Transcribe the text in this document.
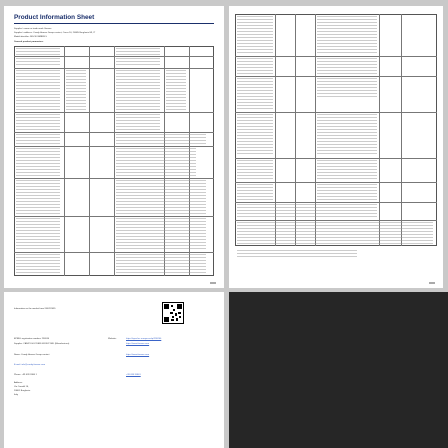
Product Information Sheet
Supplier's name or trade mark: Hoover
Supplier's address: Candy Hoover Group contact, Corso 16, 20865 Brugherio MI, IT
Model identifier: RGC4C6MBR5.5
General product parameters
Information on the market from 26/02/2035
EPREL registration number: 236240
Supplier: CANDY HOOVER GROUP SRL (Manufacturer)
Name: Candy Hoover Group contact
E-mail: info@candy-hoover.com
Phone: +39 039 2086 1
Address:
Via Comolli 16,
20861 Brugherio
Italy
Website:	https://eprel.ec.europa.eu/qr/236240
https://www.hoover.com
https://www.hoover.com
+39 039 20861
